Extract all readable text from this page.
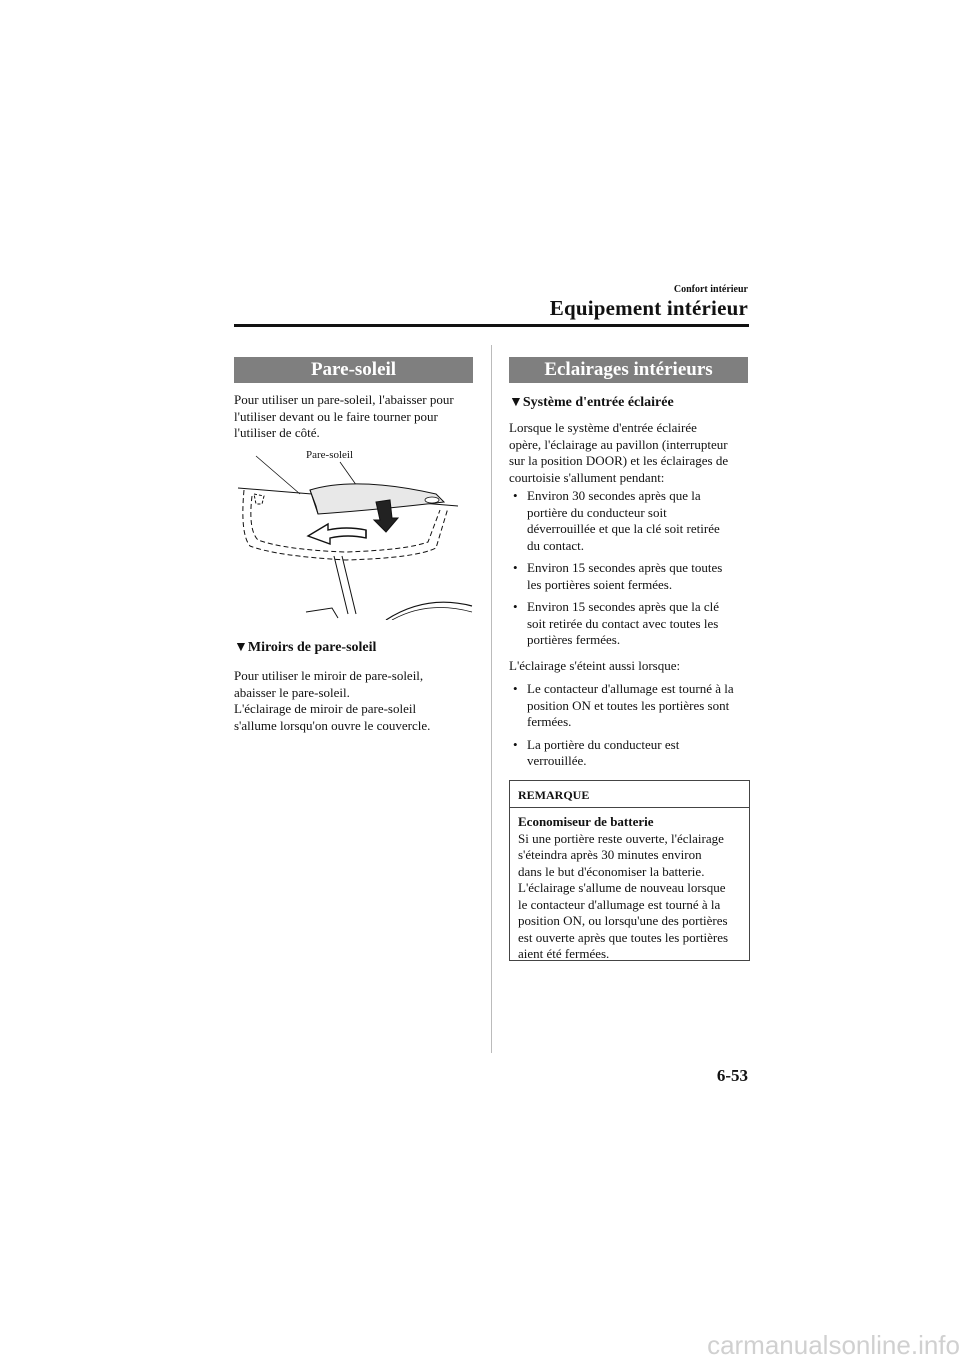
Confort intérieur
Equipement intérieur
Pare-soleil
Pour utiliser un pare-soleil, l'abaisser pour
l'utiliser devant ou le faire tourner pour
l'utiliser de côté.
Pare-soleil
▼Miroirs de pare-soleil
Pour utiliser le miroir de pare-soleil,
abaisser le pare-soleil.
L'éclairage de miroir de pare-soleil
s'allume lorsqu'on ouvre le couvercle.
Eclairages intérieurs
▼Système d'entrée éclairée
Lorsque le système d'entrée éclairée
opère, l'éclairage au pavillon (interrupteur
sur la position DOOR) et les éclairages de
courtoisie s'allument pendant:
• Environ 30 secondes après que la
portière du conducteur soit
déverrouillée et que la clé soit retirée
du contact.
• Environ 15 secondes après que toutes
les portières soient fermées.
• Environ 15 secondes après que la clé
soit retirée du contact avec toutes les
portières fermées.
L'éclairage s'éteint aussi lorsque:
• Le contacteur d'allumage est tourné à la
position ON et toutes les portières sont
fermées.
• La portière du conducteur est
verrouillée.
REMARQUE
Economiseur de batterie
Si une portière reste ouverte, l'éclairage
s'éteindra après 30 minutes environ
dans le but d'économiser la batterie.
L'éclairage s'allume de nouveau lorsque
le contacteur d'allumage est tourné à la
position ON, ou lorsqu'une des portières
est ouverte après que toutes les portières
aient été fermées.
6-53
carmanualsonline.info
